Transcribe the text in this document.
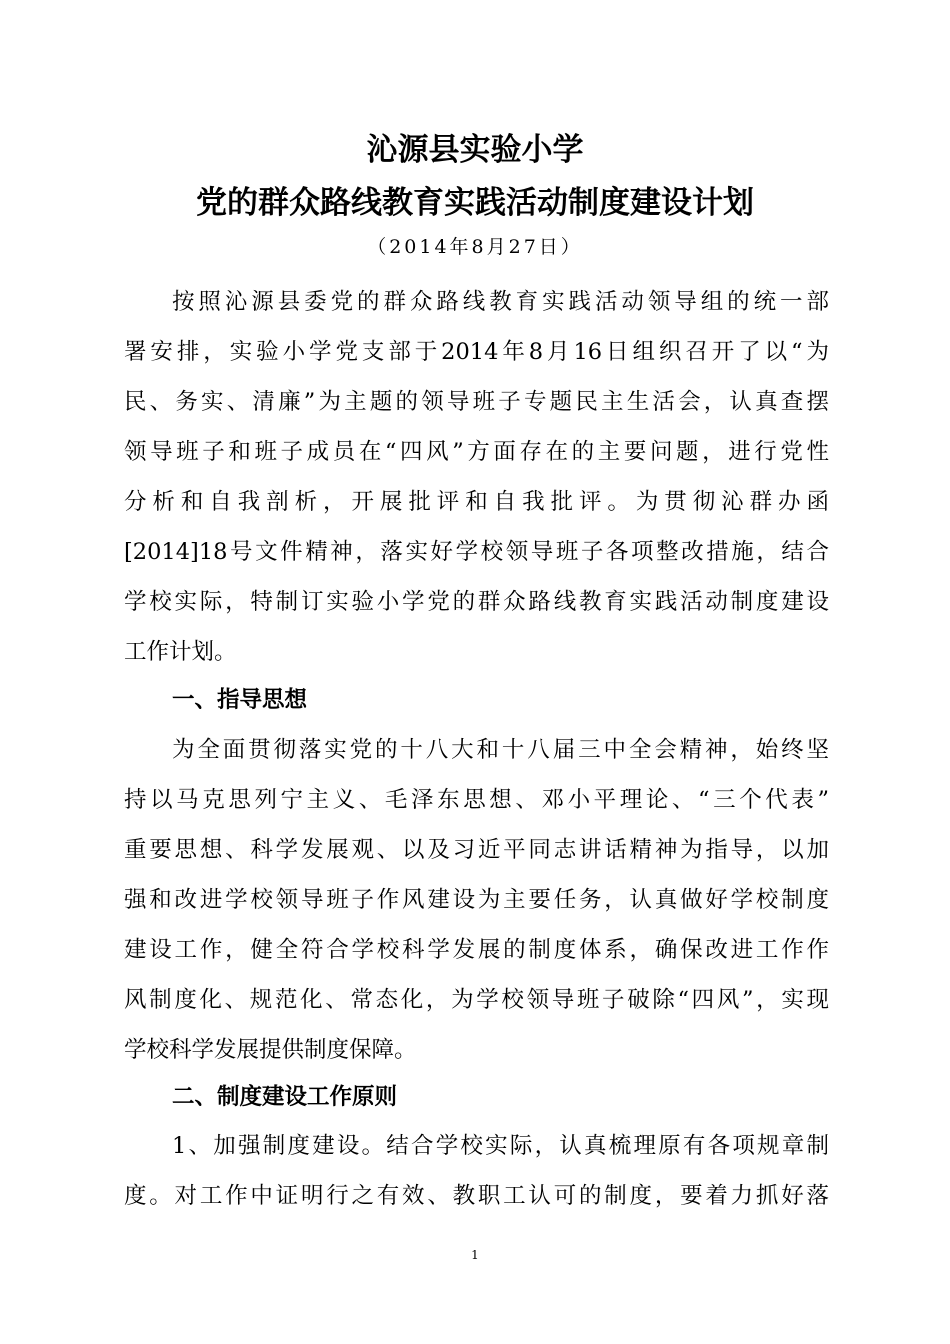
沁源县实验小学
党的群众路线教育实践活动制度建设计划
（2014年8月27日）
按照沁源县委党的群众路线教育实践活动领导组的统一部
署安排，实验小学党支部于2014年8月16日组织召开了以“为
民、务实、清廉”为主题的领导班子专题民主生活会，认真查摆
领导班子和班子成员在“四风”方面存在的主要问题，进行党性
分析和自我剖析，开展批评和自我批评。为贯彻沁群办函
[2014]18号文件精神，落实好学校领导班子各项整改措施，结合
学校实际，特制订实验小学党的群众路线教育实践活动制度建设
工作计划。
一、指导思想
为全面贯彻落实党的十八大和十八届三中全会精神，始终坚
持以马克思列宁主义、毛泽东思想、邓小平理论、“三个代表”
重要思想、科学发展观、以及习近平同志讲话精神为指导，以加
强和改进学校领导班子作风建设为主要任务，认真做好学校制度
建设工作，健全符合学校科学发展的制度体系，确保改进工作作
风制度化、规范化、常态化，为学校领导班子破除“四风”，实现
学校科学发展提供制度保障。
二、制度建设工作原则
1、加强制度建设。结合学校实际，认真梳理原有各项规章制
度。对工作中证明行之有效、教职工认可的制度，要着力抓好落
1
